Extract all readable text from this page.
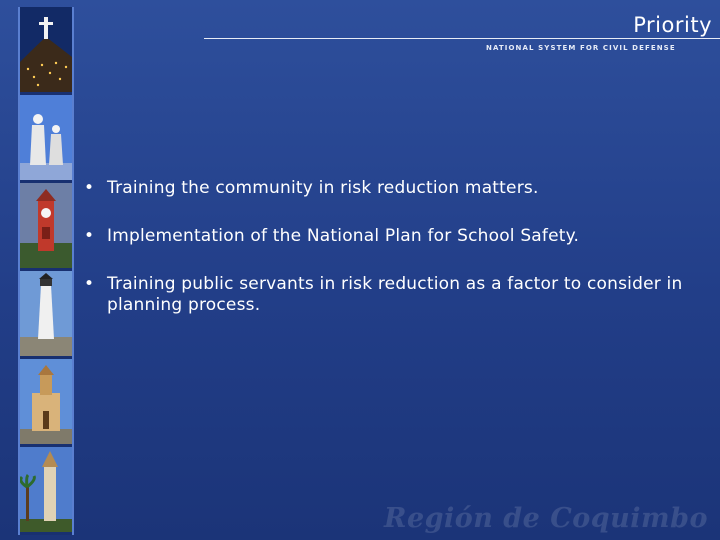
Priority
NATIONAL SYSTEM FOR CIVIL DEFENSE
• Training the community in risk reduction matters.
• Implementation of the National Plan for School Safety.
• Training public servants in risk reduction as a factor to consider in planning process.
Región de Coquimbo
